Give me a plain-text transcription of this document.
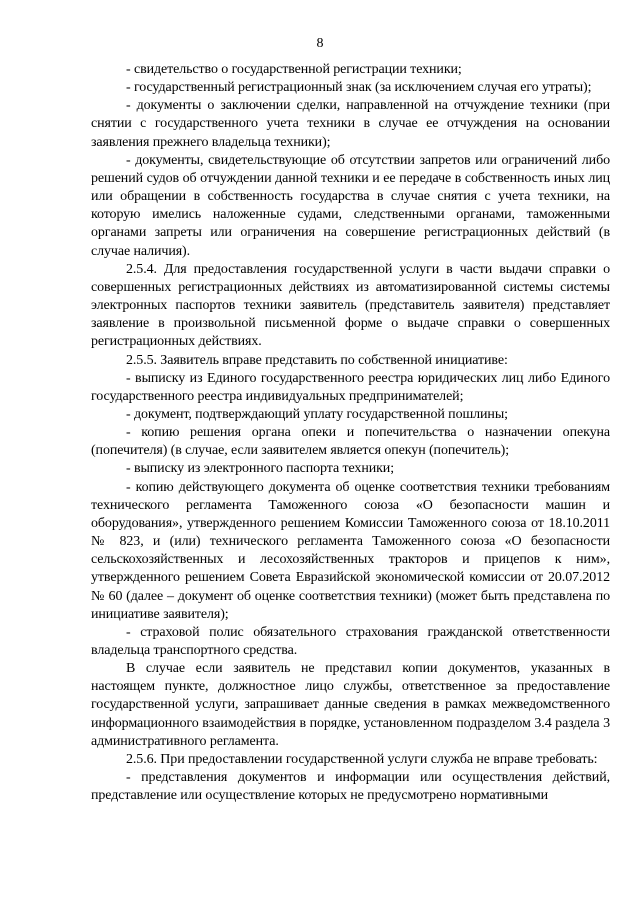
8

- свидетельство о государственной регистрации техники;

- государственный регистрационный знак (за исключением случая его утраты);

- документы о заключении сделки, направленной на отчуждение техники (при снятии с государственного учета техники в случае ее отчуждения на основании заявления прежнего владельца техники);

- документы, свидетельствующие об отсутствии запретов или ограничений либо решений судов об отчуждении данной техники и ее передаче в собственность иных лиц или обращении в собственность государства в случае снятия с учета техники, на которую имелись наложенные судами, следственными органами, таможенными органами запреты или ограничения на совершение регистрационных действий (в случае наличия).

2.5.4. Для предоставления государственной услуги в части выдачи справки о совершенных регистрационных действиях из автоматизированной системы системы электронных паспортов техники заявитель (представитель заявителя) представляет заявление в произвольной письменной форме о выдаче справки о совершенных регистрационных действиях.

2.5.5. Заявитель вправе представить по собственной инициативе:

- выписку из Единого государственного реестра юридических лиц либо Единого государственного реестра индивидуальных предпринимателей;

- документ, подтверждающий уплату государственной пошлины;

- копию решения органа опеки и попечительства о назначении опекуна (попечителя) (в случае, если заявителем является опекун (попечитель);

- выписку из электронного паспорта техники;

- копию действующего документа об оценке соответствия техники требованиям технического регламента Таможенного союза «О безопасности машин и оборудования», утвержденного решением Комиссии Таможенного союза от 18.10.2011 № 823, и (или) технического регламента Таможенного союза «О безопасности сельскохозяйственных и лесохозяйственных тракторов и прицепов к ним», утвержденного решением Совета Евразийской экономической комиссии от 20.07.2012 № 60 (далее – документ об оценке соответствия техники) (может быть представлена по инициативе заявителя);

- страховой полис обязательного страхования гражданской ответственности владельца транспортного средства.

В случае если заявитель не представил копии документов, указанных в настоящем пункте, должностное лицо службы, ответственное за предоставление государственной услуги, запрашивает данные сведения в рамках межведомственного информационного взаимодействия в порядке, установленном подразделом 3.4 раздела 3 административного регламента.

2.5.6. При предоставлении государственной услуги служба не вправе требовать:

- представления документов и информации или осуществления действий, представление или осуществление которых не предусмотрено нормативными
